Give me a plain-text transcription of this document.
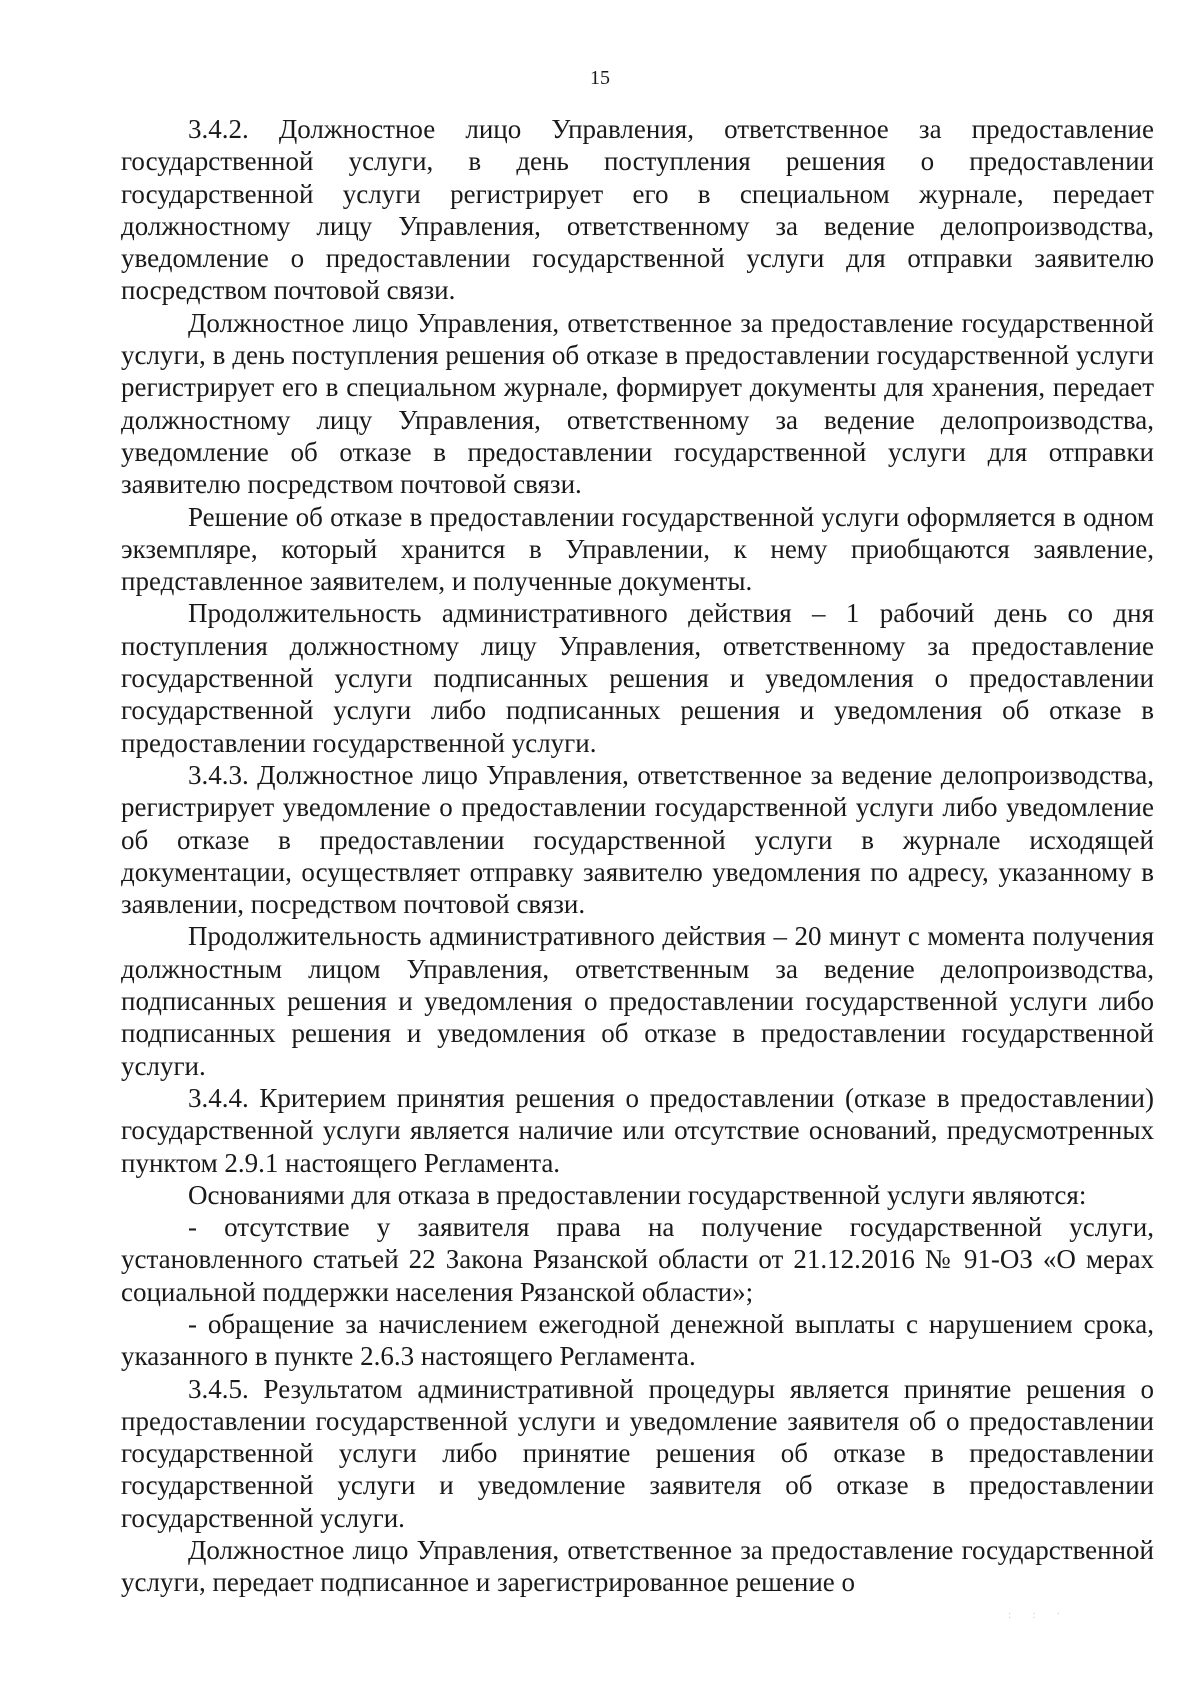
15

3.4.2. Должностное лицо Управления, ответственное за предоставление государственной услуги, в день поступления решения о предоставлении государственной услуги регистрирует его в специальном журнале, передает должностному лицу Управления, ответственному за ведение делопроизводства, уведомление о предоставлении государственной услуги для отправки заявителю посредством почтовой связи.

Должностное лицо Управления, ответственное за предоставление государственной услуги, в день поступления решения об отказе в предоставлении государственной услуги регистрирует его в специальном журнале, формирует документы для хранения, передает должностному лицу Управления, ответственному за ведение делопроизводства, уведомление об отказе в предоставлении государственной услуги для отправки заявителю посредством почтовой связи.

Решение об отказе в предоставлении государственной услуги оформляется в одном экземпляре, который хранится в Управлении, к нему приобщаются заявление, представленное заявителем, и полученные документы.

Продолжительность административного действия – 1 рабочий день со дня поступления должностному лицу Управления, ответственному за предоставление государственной услуги подписанных решения и уведомления о предоставлении государственной услуги либо подписанных решения и уведомления об отказе в предоставлении государственной услуги.

3.4.3. Должностное лицо Управления, ответственное за ведение делопроизводства, регистрирует уведомление о предоставлении государственной услуги либо уведомление об отказе в предоставлении государственной услуги в журнале исходящей документации, осуществляет отправку заявителю уведомления по адресу, указанному в заявлении, посредством почтовой связи.

Продолжительность административного действия – 20 минут с момента получения должностным лицом Управления, ответственным за ведение делопроизводства, подписанных решения и уведомления о предоставлении государственной услуги либо подписанных решения и уведомления об отказе в предоставлении государственной услуги.

3.4.4. Критерием принятия решения о предоставлении (отказе в предоставлении) государственной услуги является наличие или отсутствие оснований, предусмотренных пунктом 2.9.1 настоящего Регламента.

Основаниями для отказа в предоставлении государственной услуги являются:

- отсутствие у заявителя права на получение государственной услуги, установленного статьей 22 Закона Рязанской области от 21.12.2016 № 91-ОЗ «О мерах социальной поддержки населения Рязанской области»;

- обращение за начислением ежегодной денежной выплаты с нарушением срока, указанного в пункте 2.6.3 настоящего Регламента.

3.4.5. Результатом административной процедуры является принятие решения о предоставлении государственной услуги и уведомление заявителя об о предоставлении государственной услуги либо принятие решения об отказе в предоставлении государственной услуги и уведомление заявителя об отказе в предоставлении государственной услуги.

Должностное лицо Управления, ответственное за предоставление государственной услуги, передает подписанное и зарегистрированное решение о

· · · · ·
